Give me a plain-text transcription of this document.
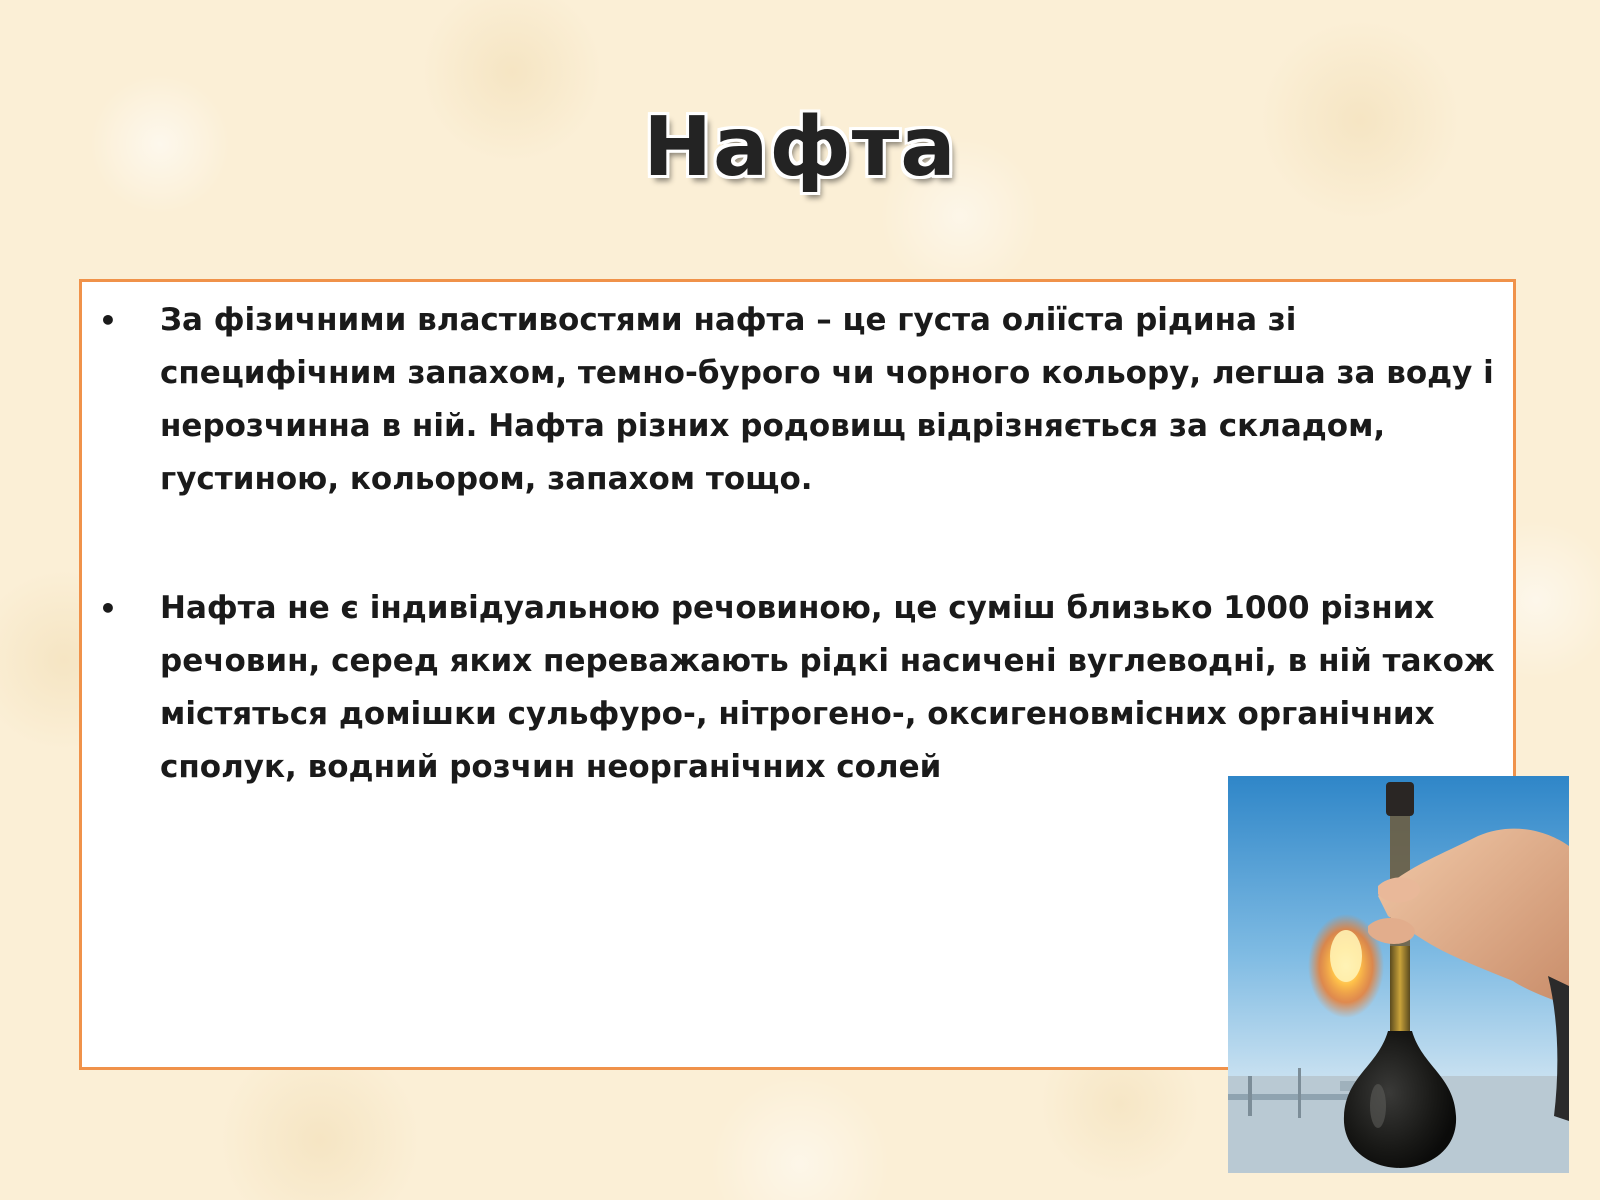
Нафта
• За фізичними властивостями нафта – це густа оліїста рідина зі специфічним запахом, темно-бурого чи чорного кольору, легша за воду і нерозчинна в ній. Нафта різних родовищ відрізняється за складом, густиною, кольором, запахом тощо.
• Нафта не є індивідуальною речовиною, це суміш близько 1000 різних речовин, серед яких переважають рідкі насичені вуглеводні, в ній також містяться домішки сульфуро-, нітрогено-, оксигеновмісних органічних сполук, водний розчин неорганічних солей
